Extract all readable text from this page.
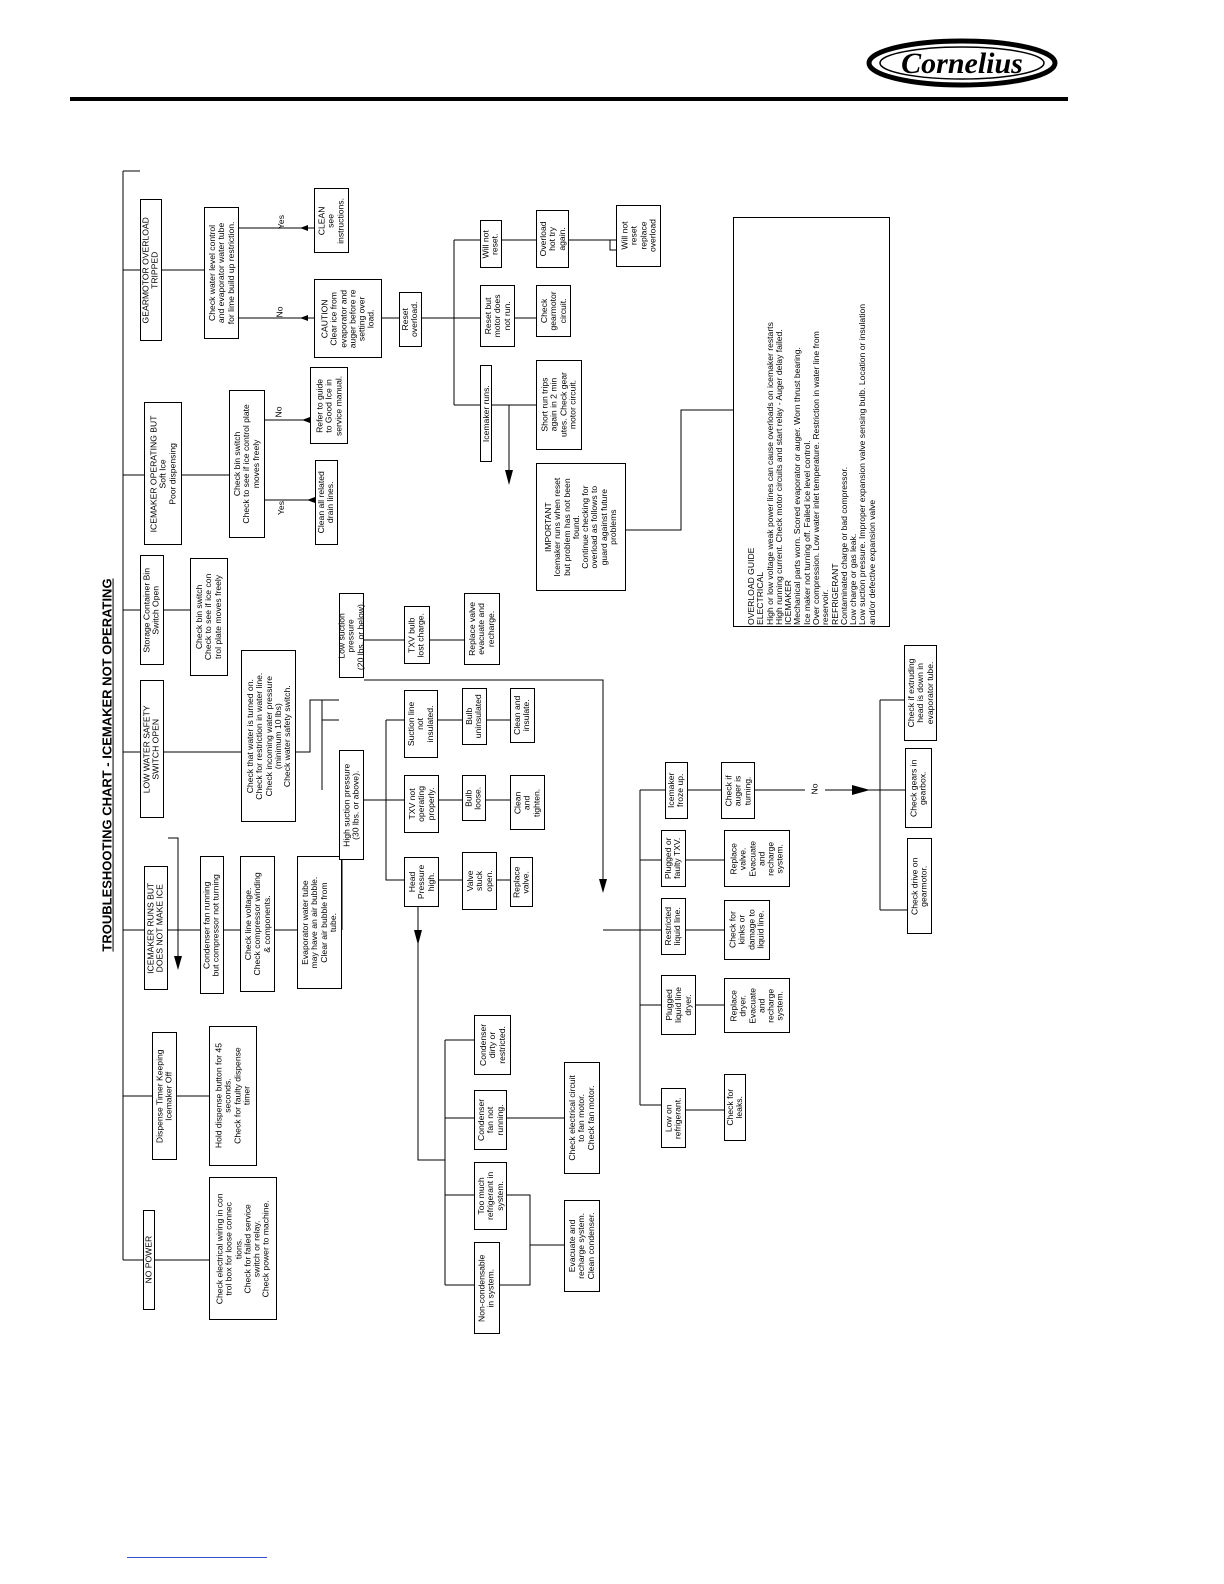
Cornelius
NO POWER
Check electrical wiring in con
trol box for loose connec
tions.
Check for failed service
switch or relay.
Check power to machine.
Dispense Timer Keeping
Icemaker Off
Hold dispense button for 45
seconds.
Check for faulty dispense
timer
ICEMAKER RUNS BUT
DOES NOT MAKE ICE
Condenser fan running
but compressor not turning
Check line voltage.
Check compressor winding
& components.	Evaporator water tube
may have an air bubble.
Clear air bubble from
tube.
LOW WATER SAFETY
SWITCH OPEN
Check that water is turned on.
Check for restriction in water line.
Check incoming water pressure
(minimum 10 lbs)
Check water safety switch.
Storage Container Bin
Switch Open
Check bin switch
Check to see if ice con
trol plate moves freely
ICEMAKER OPERATING BUT
Soft Ice
Poor dispensing
Check bin switch
Check to see if ice control plate
moves freely
Clean all related
drain lines.
Refer to guide
to Good Ice in
service manual.
GEARMOTOR OVERLOAD
TRIPPED
Check water level control
and evaporator water tube
for lime build up restriction.
CLEAN
see
instructions.
CAUTION
Clear ice from
evaporator and
auger before re
setting over
load.	Reset
overload.
Will not
reset.
Reset but
motor does
not run.
Icemaker runs.
Overload
hot try
again.
Check
gearmotor
circuit.
Short run trips
again in 2 min
utes. Check gear
motor circuit.
Will not
reset
replace
overload
IMPORTANT
Icemaker runs when reset
but problem has not been
found.
Continue checking for
overload as follows to
guard against future
problems
OVERLOAD GUIDE
ELECTRICAL
High or low voltage weak power lines can cause overloads on icemaker restarts
High running current. Check motor circuits and start relay - Auger delay failed.
ICEMAKER
Mechanical parts worn. Scored evaporator or auger. Worn thrust bearing.
Ice maker not turning off. Failed ice level control.
Over compression. Low water inlet temperature. Restriction in water line from
reservoir.
REFRIGERANT
Contaminated charge or bad compressor.
Low charge or gas leak.
Low suction pressure. Improper expansion valve sensing bulb. Location or insulation
and/or defective expansion valve
Low suction pressure
(20 lbs. or below).
TXV bulb
lost charge.	Replace valve
evacuate and
recharge.
High suction pressure
(30 lbs. or above).
Suction line
not
insulated.	Bulb
uninsulated	Clean and
insulate.
TXV not
operating
properly.	Bulb
loose.	Clean
and
tighten.
Head
Pressure
high.	Valve
stuck
open. Replace
valve.
Condenser
dirty or
restricted.
Condenser
fan not
running.
Check electrical circuit
to fan motor.
Check fan motor.
Too much
refrigerant in
system.
Evacuate and
recharge system.
Clean condenser.
Non-condensable
in system.
Low on
refrigerant.	Check for
leaks.
Plugged
liquid line
dryer.	Replace
dryer.
Evacuate
and
recharge
system.
Restricted
liquid line.
Check for
kinks or
damage to
liquid line.
Plugged or
faulty TXV.	Replace
valve.
Evacuate
and
recharge
system.
Icemaker
froze up.
Check if
auger is
turning.
Check drive on
gearmotor.
Check gears in
gearbox.
Check if extruding
head is down in
evaporator tube.
Yes
No
No
Yes
No
TROUBLESHOOTING CHART - ICEMAKER NOT OPERATING
